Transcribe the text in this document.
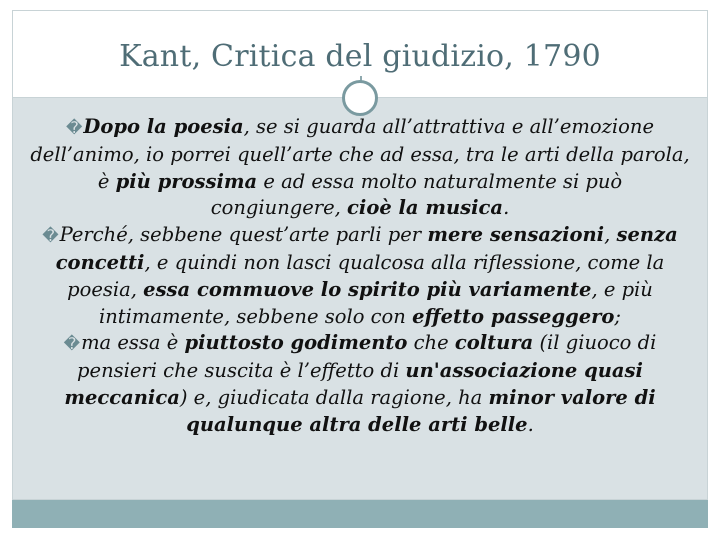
Kant, Critica del giudizio, 1790

�Dopo la poesia, se si guarda all’attrattiva e all’emozione dell’animo, io porrei quell’arte che ad essa, tra le arti della parola, è più prossima e ad essa molto naturalmente si può congiungere, cioè la musica.

�Perché, sebbene quest’arte parli per mere sensazioni, senza concetti, e quindi non lasci qualcosa alla riflessione, come la poesia, essa commuove lo spirito più variamente, e più intimamente, sebbene solo con effetto passeggero;

�ma essa è piuttosto godimento che coltura (il giuoco di pensieri che suscita è l’effetto di un'associazione quasi meccanica) e, giudicata dalla ragione, ha minor valore di qualunque altra delle arti belle.
